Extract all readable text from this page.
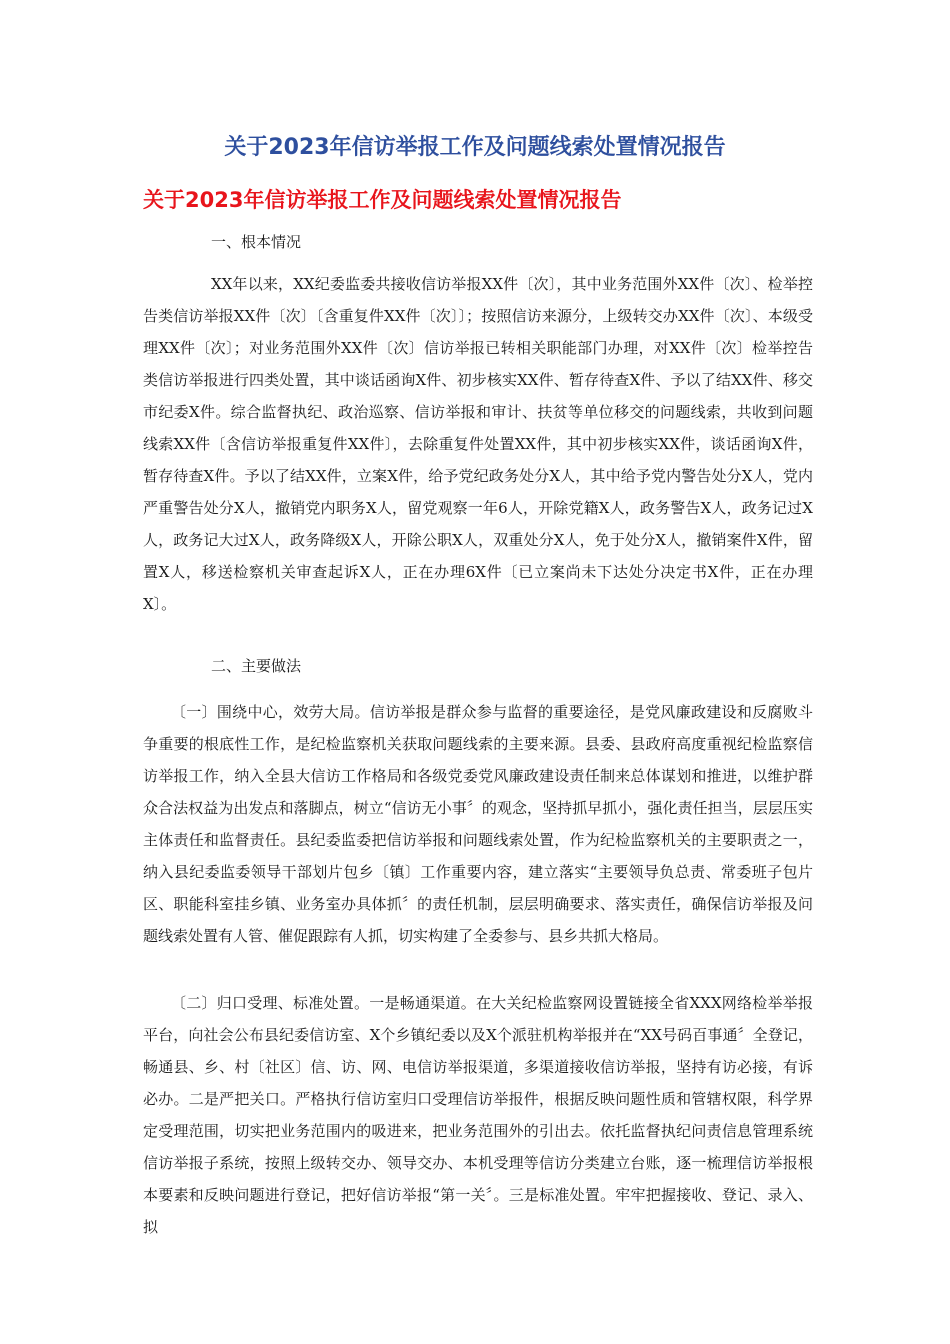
关于2023年信访举报工作及问题线索处置情况报告
关于2023年信访举报工作及问题线索处置情况报告

一、根本情况

XX年以来，XX纪委监委共接收信访举报XX件〔次〕，其中业务范围外XX件〔次〕、检举控告类信访举报XX件〔次〕〔含重复件XX件〔次〕〕；按照信访来源分，上级转交办XX件〔次〕、本级受理XX件〔次〕；对业务范围外XX件〔次〕信访举报已转相关职能部门办理，对XX件〔次〕检举控告类信访举报进行四类处置，其中谈话函询X件、初步核实XX件、暂存待查X件、予以了结XX件、移交市纪委X件。综合监督执纪、政治巡察、信访举报和审计、扶贫等单位移交的问题线索，共收到问题线索XX件〔含信访举报重复件XX件〕，去除重复件处置XX件，其中初步核实XX件，谈话函询X件，暂存待查X件。予以了结XX件，立案X件，给予党纪政务处分X人，其中给予党内警告处分X人，党内严重警告处分X人，撤销党内职务X人，留党观察一年6人，开除党籍X人，政务警告X人，政务记过X人，政务记大过X人，政务降级X人，开除公职X人，双重处分X人，免于处分X人，撤销案件X件，留置X人，移送检察机关审查起诉X人，正在办理6X件〔已立案尚未下达处分决定书X件，正在办理X〕。

二、主要做法

〔一〕围绕中心，效劳大局。信访举报是群众参与监督的重要途径，是党风廉政建设和反腐败斗争重要的根底性工作，是纪检监察机关获取问题线索的主要来源。县委、县政府高度重视纪检监察信访举报工作，纳入全县大信访工作格局和各级党委党风廉政建设责任制来总体谋划和推进，以维护群众合法权益为出发点和落脚点，树立“信访无小事〞的观念，坚持抓早抓小，强化责任担当，层层压实主体责任和监督责任。县纪委监委把信访举报和问题线索处置，作为纪检监察机关的主要职责之一，纳入县纪委监委领导干部划片包乡〔镇〕工作重要内容，建立落实“主要领导负总责、常委班子包片区、职能科室挂乡镇、业务室办具体抓〞的责任机制，层层明确要求、落实责任，确保信访举报及问题线索处置有人管、催促跟踪有人抓，切实构建了全委参与、县乡共抓大格局。

〔二〕归口受理、标准处置。一是畅通渠道。在大关纪检监察网设置链接全省XXX网络检举举报平台，向社会公布县纪委信访室、X个乡镇纪委以及X个派驻机构举报并在“XX号码百事通〞全登记，畅通县、乡、村〔社区〕信、访、网、电信访举报渠道，多渠道接收信访举报，坚持有访必接，有诉必办。二是严把关口。严格执行信访室归口受理信访举报件，根据反映问题性质和管辖权限，科学界定受理范围，切实把业务范围内的吸进来，把业务范围外的引出去。依托监督执纪问责信息管理系统信访举报子系统，按照上级转交办、领导交办、本机受理等信访分类建立台账，逐一梳理信访举报根本要素和反映问题进行登记，把好信访举报“第一关〞。三是标准处置。牢牢把握接收、登记、录入、拟
